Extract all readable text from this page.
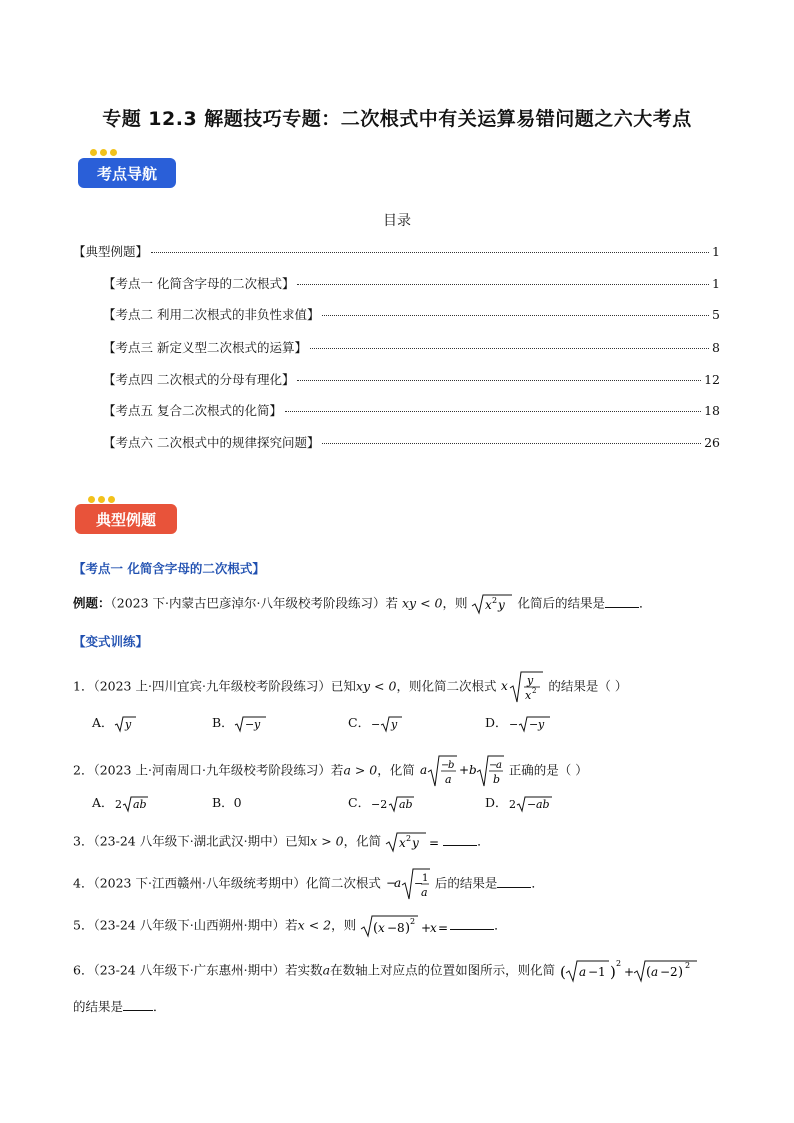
专题 12.3 解题技巧专题：二次根式中有关运算易错问题之六大考点
考点导航
目录
【典型例题】	1
【考点一 化简含字母的二次根式】	1
【考点二 利用二次根式的非负性求值】	5
【考点三 新定义型二次根式的运算】	8
【考点四 二次根式的分母有理化】	12
【考点五 复合二次根式的化简】	18
【考点六 二次根式中的规律探究问题】	26
典型例题
【考点一 化简含字母的二次根式】
例题：（2023 下·内蒙古巴彦淖尔·八年级校考阶段练习）若 xy < 0，则 x 2 y 化简后的结果是	．
【变式训练】
1．（2023 上·四川宜宾·九年级校考阶段练习）已知xy < 0，则化简二次根式 x y
x 2 的结果是（ ）
A． y	B． − y	C． − y	D． − − y
2．（2023 上·河南周口·九年级校考阶段练习）若a > 0，化简 a −
b
a
+ b −
a
b
正确的是（ ）
A． 2 ab	B．0	C． −2 ab	D． 2 − ab
3．（23-24 八年级下·湖北武汉·期中）已知x > 0，化简 x 2 y =	．
4．（2023 下·江西赣州·八年级统考期中）化简二次根式 −
a −
1
a
后的结果是	．
5．（23-24 八年级下·山西朔州·期中）若x < 2，则 ( x − 8 ) 2 +
x =	．
6．（23-24 八年级下·广东惠州·期中）若实数a在数轴上对应点的位置如图所示，则化简 ( a − 1 ) 2
+ ( a − 2 ) 2
的结果是 ．
